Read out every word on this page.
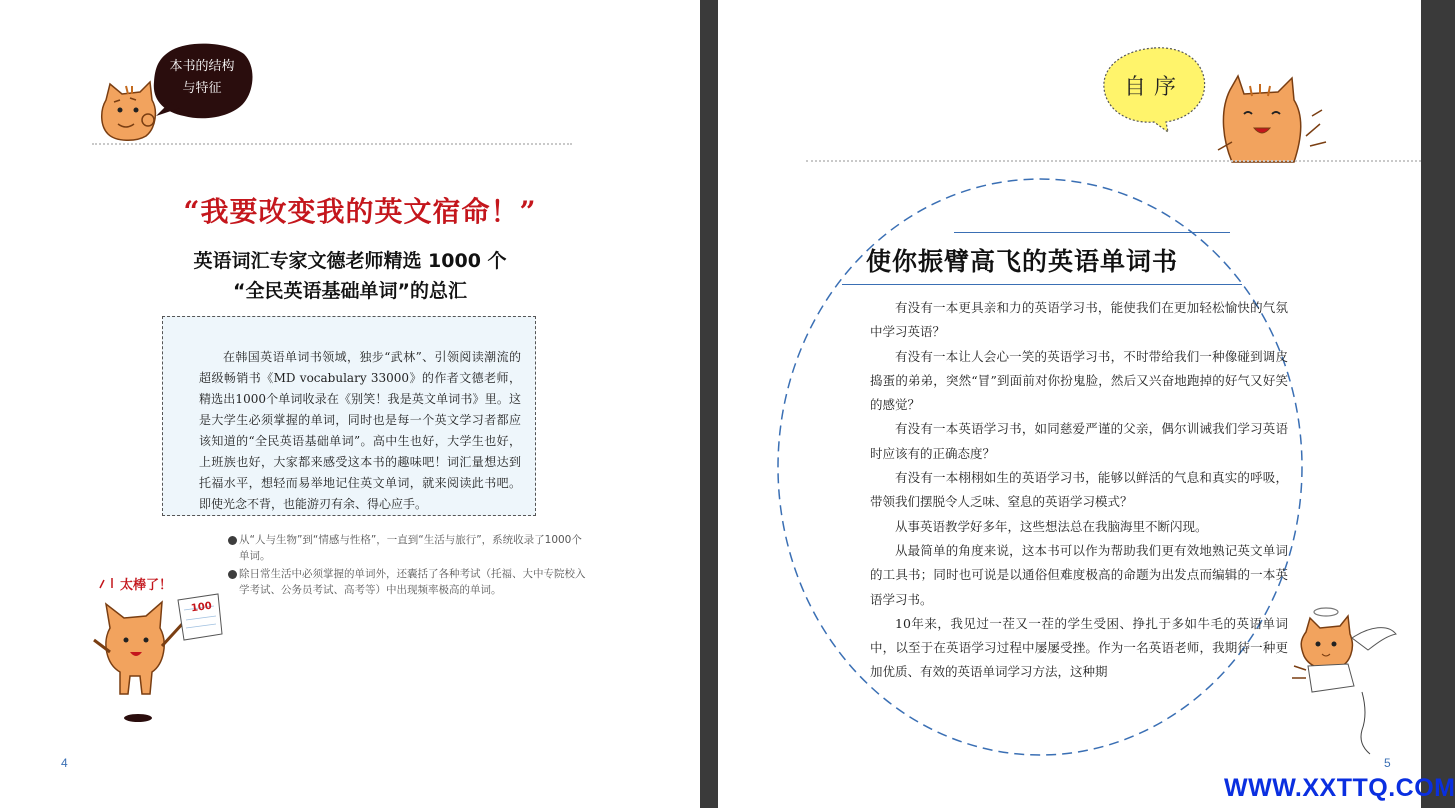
本书的结构
与特征
“我要改变我的英文宿命！”
英语词汇专家文德老师精选 1000 个
“全民英语基础单词”的总汇

在韩国英语单词书领域，独步“武林”、引领阅读潮流的超级畅销书《MD vocabulary 33000》的作者文德老师，精选出1000个单词收录在《别笑！我是英文单词书》里。这是大学生必须掌握的单词，同时也是每一个英文学习者都应该知道的“全民英语基础单词”。高中生也好，大学生也好，上班族也好，大家都来感受这本书的趣味吧！词汇量想达到托福水平，想轻而易举地记住英文单词，就来阅读此书吧。即使光念不背，也能游刃有余、得心应手。

从“人与生物”到“情感与性格”，一直到“生活与旅行”，系统收录了1000个单词。
除日常生活中必须掌握的单词外，还囊括了各种考试（托福、大中专院校入学考试、公务员考试、高考等）中出现频率极高的单词。
太棒了！
100
4
自序
使你振臂高飞的英语单词书

有没有一本更具亲和力的英语学习书，能使我们在更加轻松愉快的气氛中学习英语？

有没有一本让人会心一笑的英语学习书，不时带给我们一种像碰到调皮捣蛋的弟弟，突然“冒”到面前对你扮鬼脸，然后又兴奋地跑掉的好气又好笑的感觉？

有没有一本英语学习书，如同慈爱严谨的父亲，偶尔训诫我们学习英语时应该有的正确态度？

有没有一本栩栩如生的英语学习书，能够以鲜活的气息和真实的呼吸，带领我们摆脱令人乏味、窒息的英语学习模式？

从事英语教学好多年，这些想法总在我脑海里不断闪现。

从最简单的角度来说，这本书可以作为帮助我们更有效地熟记英文单词的工具书；同时也可说是以通俗但难度极高的命题为出发点而编辑的一本英语学习书。

10年来，我见过一茬又一茬的学生受困、挣扎于多如牛毛的英语单词中，以至于在英语学习过程中屡屡受挫。作为一名英语老师，我期待一种更加优质、有效的英语单词学习方法，这种期

5
WWW.XXTTQ.COM
